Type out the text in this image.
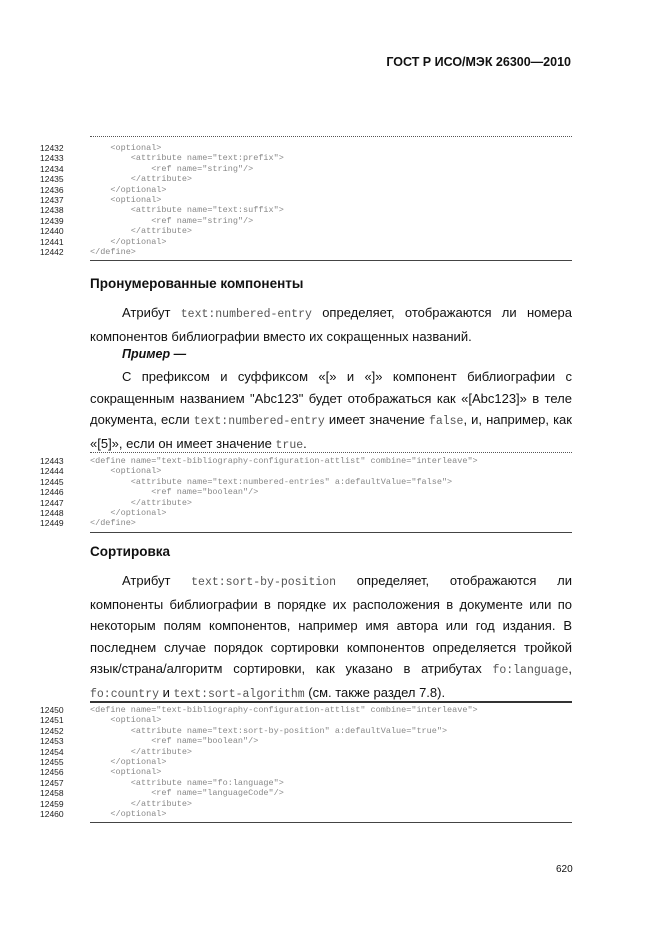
ГОСТ Р ИСО/МЭК 26300—2010
12432	<optional>
12433	<attribute name="text:prefix">
12434	<ref name="string"/>
12435	</attribute>
12436	</optional>
12437	<optional>
12438	<attribute name="text:suffix">
12439	<ref name="string"/>
12440	</attribute>
12441	</optional>
12442	</define>
Пронумерованные компоненты

Атрибут text:numbered-entry определяет, отображаются ли номера компонентов библиографии вместо их сокращенных названий.

Пример —

С префиксом и суффиксом «[» и «]» компонент библиографии с сокращенным названием "Abc123" будет отображаться как «[Abc123]» в теле документа, если text:numbered-entry имеет значение false, и, например, как «[5]», если он имеет значение true.

12443	<define name="text-bibliography-configuration-attlist" combine="interleave">
12444	<optional>
12445	<attribute name="text:numbered-entries" a:defaultValue="false">
12446	<ref name="boolean"/>
12447	</attribute>
12448	</optional>
12449	</define>
Сортировка

Атрибут text:sort-by-position определяет, отображаются ли компоненты библиографии в порядке их расположения в документе или по некоторым полям компонентов, например имя автора или год издания. В последнем случае порядок сортировки компонентов определяется тройкой язык/страна/алгоритм сортировки, как указано в атрибутах fo:language, fo:country и text:sort-algorithm (см. также раздел 7.8).

12450	<define name="text-bibliography-configuration-attlist" combine="interleave">
12451	<optional>
12452	<attribute name="text:sort-by-position" a:defaultValue="true">
12453	<ref name="boolean"/>
12454	</attribute>
12455	</optional>
12456	<optional>
12457	<attribute name="fo:language">
12458	<ref name="languageCode"/>
12459	</attribute>
12460	</optional>
620
